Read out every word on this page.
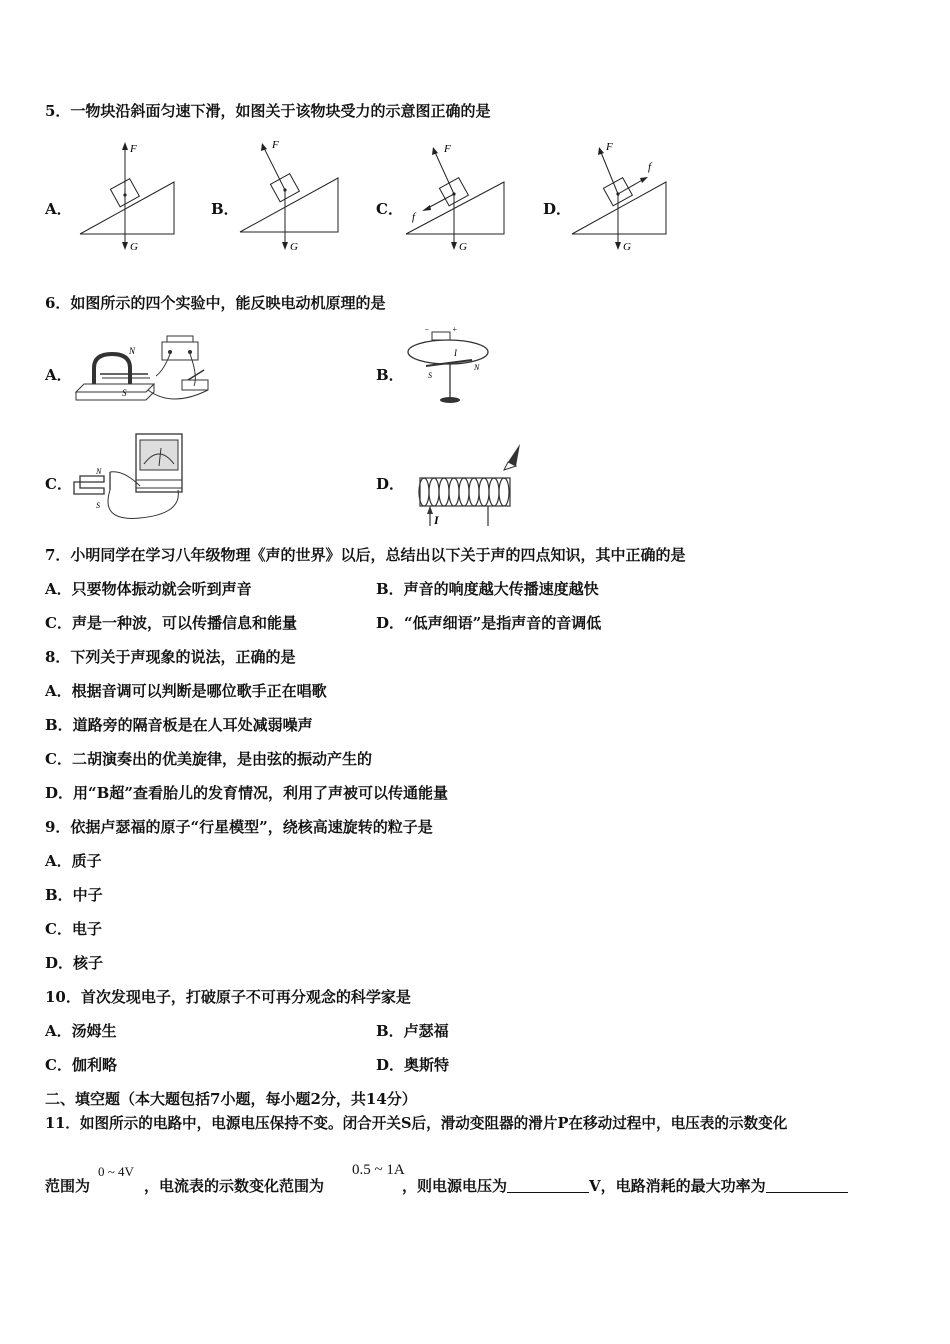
5．一物块沿斜面匀速下滑，如图关于该物块受力的示意图正确的是
A．
F
G
B．
F
G
C．
F
f
G
D．
F
f
G
6．如图所示的四个实验中，能反映电动机原理的是
A．
N
S
B．
−	+
I
S
N
C．
N
S
D．
I
7．小明同学在学习八年级物理《声的世界》以后，总结出以下关于声的四点知识，其中正确的是
A．只要物体振动就会听到声音	B．声音的响度越大传播速度越快
C．声是一种波，可以传播信息和能量	D．“低声细语”是指声音的音调低
8．下列关于声现象的说法，正确的是
A．根据音调可以判断是哪位歌手正在唱歌
B．道路旁的隔音板是在人耳处减弱噪声
C．二胡演奏出的优美旋律，是由弦的振动产生的
D．用“B超”查看胎儿的发育情况，利用了声被可以传通能量
9．依据卢瑟福的原子“行星模型”，绕核高速旋转的粒子是
A．质子
B．中子
C．电子
D．核子
10．首次发现电子，打破原子不可再分观念的科学家是
A．汤姆生	B．卢瑟福
C．伽利略	D．奥斯特
二、填空题（本大题包括7小题，每小题2分，共14分）
11．如图所示的电路中，电源电压保持不变。闭合开关S后，滑动变阻器的滑片P在移动过程中，电压表的示数变化
0 ~ 4V	0.5 ~ 1A
范围为	，电流表的示数变化范围为	，则电源电压为	V，电路消耗的最大功率为
